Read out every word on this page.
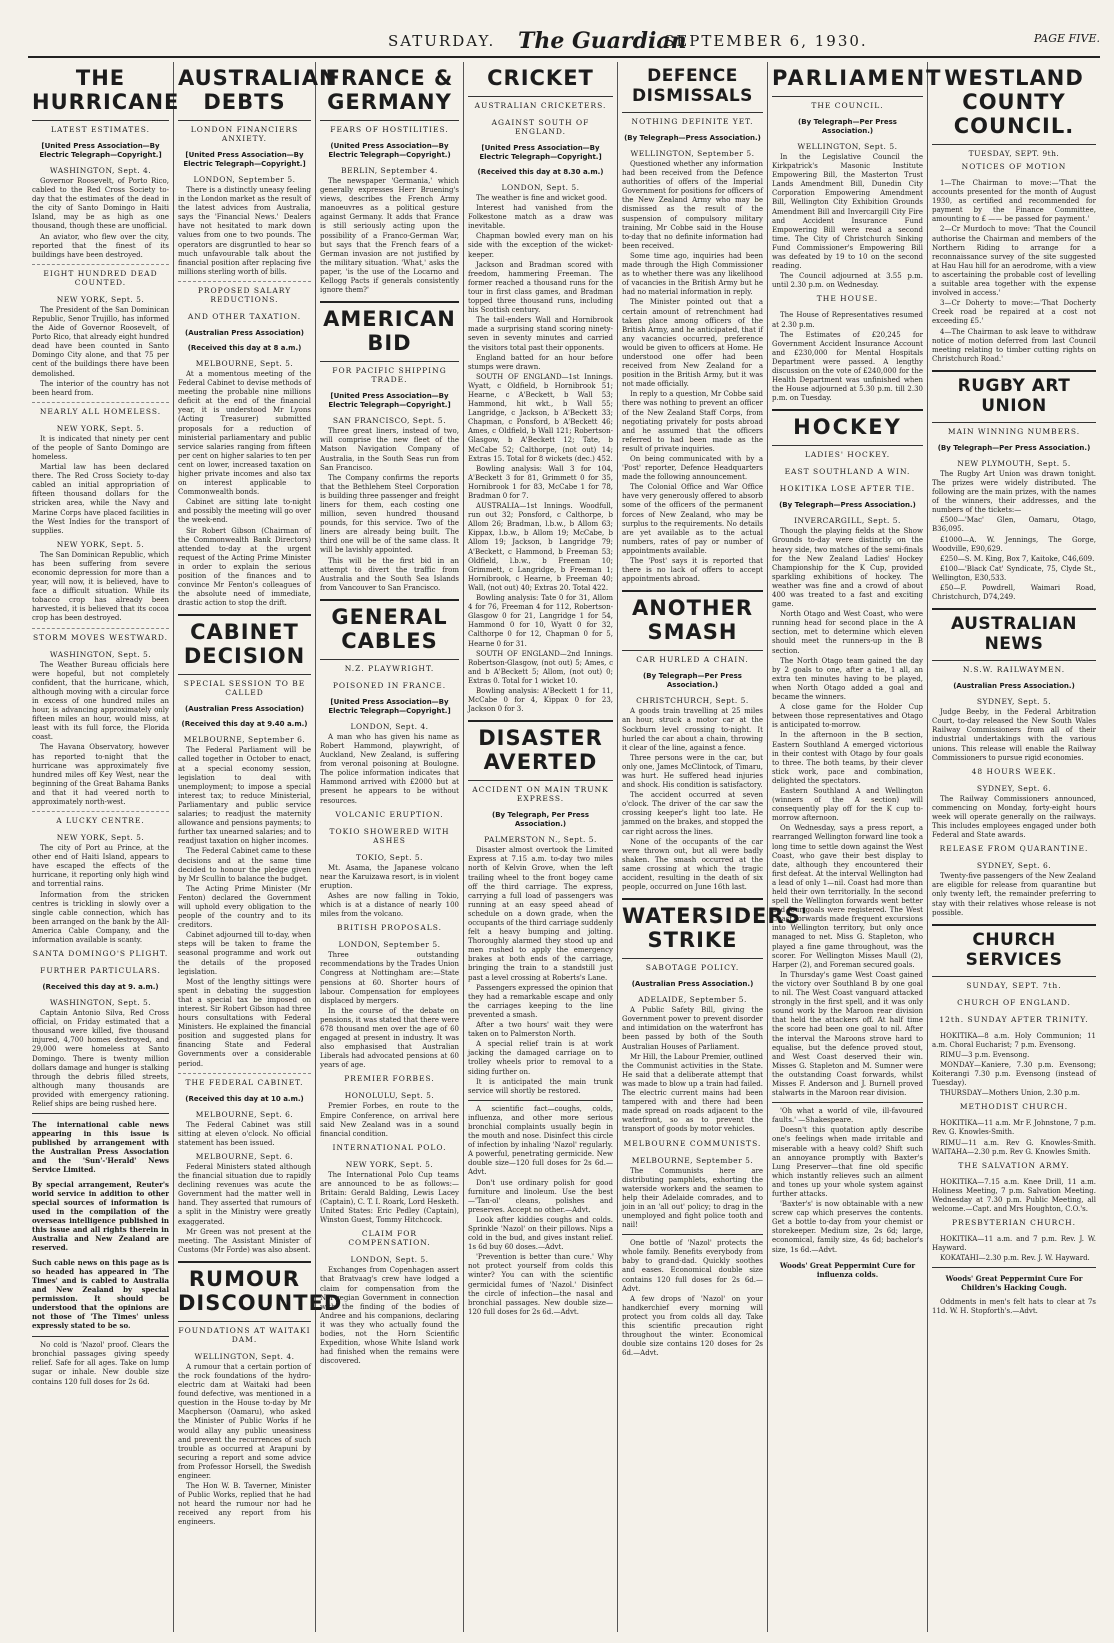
SATURDAY. The Guardian
SEPTEMBER 6, 1930.	PAGE FIVE.
THE HURRICANE
LATEST ESTIMATES.
[United Press Association—By Electric Telegraph—Copyright.]
WASHINGTON, Sept. 4.

Governor Roosevelt, of Porto Rico, cabled to the Red Cross Society to-day that the estimates of the dead in the city of Santo Domingo in Haiti Island, may be as high as one thousand, though these are unofficial.

An aviator, who flew over the city, reported that the finest of its buildings have been destroyed.

EIGHT HUNDRED DEAD COUNTED.
NEW YORK, Sept. 5.

The President of the San Dominican Republic, Senor Trujillo, has informed the Aide of Governor Roosevelt, of Porto Rico, that already eight hundred dead have been counted in Santo Domingo City alone, and that 75 per cent of the buildings there have been demolished.

The interior of the country has not been heard from.

NEARLY ALL HOMELESS.
NEW YORK, Sept. 5.

It is indicated that ninety per cent of the people of Santo Domingo are homeless.

Martial law has been declared there. The Red Cross Society to-day cabled an initial appropriation of fifteen thousand dollars for the stricken area, while the Navy and Marine Corps have placed facilities in the West Indies for the transport of supplies.

NEW YORK, Sept. 5.

The San Dominican Republic, which has been suffering from severe economic depression for more than a year, will now, it is believed, have to face a difficult situation. While its tobacco crop has already been harvested, it is believed that its cocoa crop has been destroyed.

STORM MOVES WESTWARD.
WASHINGTON, Sept. 5.

The Weather Bureau officials here were hopeful, but not completely confident, that the hurricane, which, although moving with a circular force in excess of one hundred miles an hour, is advancing approximately only fifteen miles an hour, would miss, at least with its full force, the Florida coast.

The Havana Observatory, however has reported to-night that the hurricane was approximately five hundred miles off Key West, near the beginning of the Great Bahama Banks and that it had veered north to approximately north-west.

A LUCKY CENTRE.
NEW YORK, Sept. 5.

The city of Port au Prince, at the other end of Haiti Island, appears to have escaped the effects of the hurricane, it reporting only high wind and torrential rains.

Information from the stricken centres is trickling in slowly over a single cable connection, which has been arranged on the bank by the All-America Cable Company, and the information available is scanty.

SANTA DOMINGO'S PLIGHT.
FURTHER PARTICULARS.
(Received this day at 9. a.m.)
WASHINGTON, Sept. 5.

Captain Antonio Silva, Red Cross official, on Friday estimated that a thousand were killed, five thousand injured, 4,700 homes destroyed, and 29,000 were homeless at Santo Domingo. There is twenty million dollars damage and hunger is stalking through the debris filled streets, although many thousands are provided with emergency rationing. Relief ships are being rushed here.

The international cable news appearing in this issue is published by arrangement with the Australian Press Association and the 'Sun'-'Herald' News Service Limited.
By special arrangement, Reuter's world service in addition to other special sources of information is used in the compilation of the overseas intelligence published in this issue and all rights therein in Australia and New Zealand are reserved.
Such cable news on this page as is so headed has appeared in 'The Times' and is cabled to Australia and New Zealand by special permission. It should be understood that the opinions are not those of 'The Times' unless expressly stated to be so.

No cold is 'Nazol' proof. Clears the bronchial passages giving speedy relief. Safe for all ages. Take on lump sugar or inhale. New double size contains 120 full doses for 2s 6d.

AUSTRALIAN DEBTS
LONDON FINANCIERS ANXIETY.
[United Press Association—By Electric Telegraph—Copyright.]
LONDON, September 5.

There is a distinctly uneasy feeling in the London market as the result of the latest advices from Australia, says the 'Financial News.' Dealers have not hesitated to mark down values from one to two pounds. The operators are disgruntled to hear so much unfavourable talk about the financial position after replacing five millions sterling worth of bills.

PROPOSED SALARY REDUCTIONS.
AND OTHER TAXATION.
(Australian Press Association)
(Received this day at 8 a.m.)
MELBOURNE, Sept. 5.

At a momentous meeting of the Federal Cabinet to devise methods of meeting the probable nine millions deficit at the end of the financial year, it is understood Mr Lyons (Acting Treasurer) submitted proposals for a reduction of ministerial parliamentary and public service salaries ranging from fifteen per cent on higher salaries to ten per cent on lower, increased taxation on higher private incomes and also tax on interest applicable to Commonwealth bonds.

Cabinet are sitting late to-night and possibly the meeting will go over the week-end.

Sir Robert Gibson (Chairman of the Commonwealth Bank Directors) attended to-day at the urgent request of the Acting Prime Minister in order to explain the serious position of the finances and to convince Mr Fenton's colleagues of the absolute need of immediate, drastic action to stop the drift.

CABINET DECISION
SPECIAL SESSION TO BE CALLED
(Australian Press Association)
(Received this day at 9.40 a.m.)
MELBOURNE, September 6.

The Federal Parliament will be called together in October to enact, at a special economy session, legislation to deal with unemployment; to impose a special interest tax; to reduce Ministerial, Parliamentary and public service salaries; to readjust the maternity allowance and pensions payments; to further tax unearned salaries; and to readjust taxation on higher incomes.

The Federal Cabinet came to these decisions and at the same time decided to honour the pledge given by Mr Scullin to balance the budget.

The Acting Prime Minister (Mr Fenton) declared the Government will uphold every obligation to the people of the country and to its creditors.

Cabinet adjourned till to-day, when steps will be taken to frame the seasonal programme and work out the details of the proposed legislation.

Most of the lengthy sittings were spent in debating the suggestion that a special tax be imposed on interest. Sir Robert Gibson had three hours consultations with Federal Ministers. He explained the financial position and suggested plans for financing State and Federal Governments over a considerable period.

THE FEDERAL CABINET.
(Received this day at 10 a.m.)
MELBOURNE, Sept. 6.

The Federal Cabinet was still sitting at eleven o'clock. No official statement has been issued.

MELBOURNE, Sept. 6.

Federal Ministers stated although the financial situation due to rapidly declining revenues was acute the Government had the matter well in hand. They asserted that rumours of a split in the Ministry were greatly exaggerated.

Mr Green was not present at the meeting. The Assistant Minister of Customs (Mr Forde) was also absent.

RUMOUR DISCOUNTED
FOUNDATIONS AT WAITAKI DAM.
WELLINGTON, Sept. 4.

A rumour that a certain portion of the rock foundations of the hydro-electric dam at Waitaki had been found defective, was mentioned in a question in the House to-day by Mr Macpherson (Oamaru), who asked the Minister of Public Works if he would allay any public uneasiness and prevent the recurrences of such trouble as occurred at Arapuni by securing a report and some advice from Professor Horsell, the Swedish engineer.

The Hon W. B. Taverner, Minister of Public Works, replied that he had not heard the rumour nor had he received any report from his engineers.

FRANCE & GERMANY
FEARS OF HOSTILITIES.
(United Press Association—By Electric Telegraph—Copyright.)
BERLIN, September 4.

The newspaper 'Germania,' which generally expresses Herr Bruening's views, describes the French Army manoeuvres as a political gesture against Germany. It adds that France is still seriously acting upon the possibility of a Franco-German War, but says that the French fears of a German invasion are not justified by the military situation. 'What,' asks the paper, 'is the use of the Locarno and Kellogg Pacts if generals consistently ignore them?'

AMERICAN BID
FOR PACIFIC SHIPPING TRADE.
[United Press Association—By Electric Telegraph—Copyright.]
SAN FRANCISCO, Sept. 5.

Three great liners, instead of two, will comprise the new fleet of the Matson Navigation Company of Australia, in the South Seas run from San Francisco.

The Company confirms the reports that the Bethlehem Steel Corporation is building three passenger and freight liners for them, each costing one million, seven hundred thousand pounds, for this service. Two of the liners are already being built. The third one will be of the same class. It will be lavishly appointed.

This will be the first bid in an attempt to divert the traffic from Australia and the South Sea Islands from Vancouver to San Francisco.

GENERAL CABLES
N.Z. PLAYWRIGHT.
POISONED IN FRANCE.
[United Press Association—By Electric Telegraph—Copyright.]
LONDON, Sept. 4.

A man who has given his name as Robert Hammond, playwright, of Auckland, New Zealand, is suffering from veronal poisoning at Boulogne. The police information indicates that Hammond arrived with £2000 but at present he appears to be without resources.

VOLCANIC ERUPTION.
TOKIO SHOWERED WITH ASHES
TOKIO, Sept. 5.

Mt. Asama, the Japanese volcano near the Karuizawa resort, is in violent eruption.

Ashes are now falling in Tokio, which is at a distance of nearly 100 miles from the volcano.

BRITISH PROPOSALS.
LONDON, September 5.

Three outstanding recommendations by the Trades Union Congress at Nottingham are:—State pensions at 60. Shorter hours of labour. Compensation for employees displaced by mergers.

In the course of the debate on pensions, it was stated that there were 678 thousand men over the age of 60 engaged at present in industry. It was also emphasised that Australian Liberals had advocated pensions at 60 years of age.

PREMIER FORBES.
HONOLULU, Sept. 5.

Premier Forbes, en route to the Empire Conference, on arrival here said New Zealand was in a sound financial condition.

INTERNATIONAL POLO.
NEW YORK, Sept. 5.

The International Polo Cup teams are announced to be as follows:—Britain: Gerald Balding, Lewis Lacey (Captain), C. T. I. Roark, Lord Hesketh. United States: Eric Pedley (Captain), Winston Guest, Tommy Hitchcock.

CLAIM FOR COMPENSATION.
LONDON, Sept. 5.

Exchanges from Copenhagen assert that Bratvaag's crew have lodged a claim for compensation from the Norwegian Government in connection with the finding of the bodies of Andree and his companions, declaring it was they who actually found the bodies, not the Horn Scientific Expedition, whose White Island work had finished when the remains were discovered.

CRICKET
AUSTRALIAN CRICKETERS.
AGAINST SOUTH OF ENGLAND.
[United Press Association—By Electric Telegraph—Copyright.]
(Received this day at 8.30 a.m.)
LONDON, Sept. 5.

The weather is fine and wicket good.

Interest had vanished from the Folkestone match as a draw was inevitable.

Chapman bowled every man on his side with the exception of the wicket-keeper.

Jackson and Bradman scored with freedom, hammering Freeman. The former reached a thousand runs for the tour in first class games, and Bradman topped three thousand runs, including his Scottish century.

The tail-enders Wall and Hornibrook made a surprising stand scoring ninety-seven in seventy minutes and carried the visitors total past their opponents.

England batted for an hour before stumps were drawn.

SOUTH OF ENGLAND—1st Innings. Wyatt, c Oldfield, b Hornibrook 51; Hearne, c A'Beckett, b Wall 53; Hammond, hit wkt., b Wall 55; Langridge, c Jackson, b A'Beckett 33; Chapman, c Ponsford, b A'Beckett 46; Ames, c Oldfield, b Wall 121; Robertson-Glasgow, b A'Beckett 12; Tate, b McCabe 52; Calthorpe, (not out) 14; Extras 15. Total for 8 wickets (dec.) 452.

Bowling analysis: Wall 3 for 104, A'Beckett 3 for 81, Grimmett 0 for 35, Hornibrook 1 for 83, McCabe 1 for 78, Bradman 0 for 7.

AUSTRALIA—1st Innings. Woodfull, run out 32; Ponsford, c Calthorpe, b Allom 26; Bradman, l.b.w., b Allom 63; Kippax, l.b.w., b Allom 19; McCabe, b Allom 19; Jackson, b Langridge 79; A'Beckett, c Hammond, b Freeman 53; Oldfield, l.b.w., b Freeman 10; Grimmett, c Langridge, b Freeman 1; Hornibrook, c Hearne, b Freeman 40; Wall, (not out) 40; Extras 20. Total 422.

Bowling analysis: Tate 0 for 31, Allom 4 for 76, Freeman 4 for 112, Robertson-Glasgow 0 for 21, Langridge 1 for 54, Hammond 0 for 10, Wyatt 0 for 32, Calthorpe 0 for 12, Chapman 0 for 5, Hearne 0 for 31.

SOUTH OF ENGLAND—2nd Innings. Robertson-Glasgow, (not out) 5; Ames, c and b A'Beckett 5; Allom, (not out) 0; Extras 0. Total for 1 wicket 10.

Bowling analysis: A'Beckett 1 for 11, McCabe 0 for 4, Kippax 0 for 23, Jackson 0 for 3.

DISASTER AVERTED
ACCIDENT ON MAIN TRUNK EXPRESS.
(By Telegraph, Per Press Association.)
PALMERSTON N., Sept. 5.

Disaster almost overtook the Limited Express at 7.15 a.m. to-day two miles north of Kelvin Grove, when the left trailing wheel to the front bogey came off the third carriage. The express, carrying a full load of passengers was running at an easy speed ahead of schedule on a down grade, when the occupants of the third carriage suddenly felt a heavy bumping and jolting. Thoroughly alarmed they stood up and men rushed to apply the emergency brakes at both ends of the carriage, bringing the train to a standstill just past a level crossing at Roberts's Lane.

Passengers expressed the opinion that they had a remarkable escape and only the carriages keeping to the line prevented a smash.

After a two hours' wait they were taken on to Palmerston North.

A special relief train is at work jacking the damaged carriage on to trolley wheels prior to removal to a siding further on.

It is anticipated the main trunk service will shortly be restored.

A scientific fact—coughs, colds, influenza, and other more serious bronchial complaints usually begin in the mouth and nose. Disinfect this circle of infection by inhaling 'Nazol' regularly. A powerful, penetrating germicide. New double size—120 full doses for 2s 6d.—Advt.

Don't use ordinary polish for good furniture and linoleum. Use the best—'Tan-ol' cleans, polishes and preserves. Accept no other.—Advt.

Look after kiddies coughs and colds. Sprinkle 'Nazol' on their pillows. Nips a cold in the bud, and gives instant relief. 1s 6d buy 60 doses.—Advt.

'Prevention is better than cure.' Why not protect yourself from colds this winter? You can with the scientific germicidal fumes of 'Nazol.' Disinfect the circle of infection—the nasal and bronchial passages. New double size—120 full doses for 2s 6d.—Advt.

DEFENCE DISMISSALS
NOTHING DEFINITE YET.
(By Telegraph—Press Association.)
WELLINGTON, September 5.

Questioned whether any information had been received from the Defence authorities of offers of the Imperial Government for positions for officers of the New Zealand Army who may be dismissed as the result of the suspension of compulsory military training, Mr Cobbe said in the House to-day that no definite information had been received.

Some time ago, inquiries had been made through the High Commissioner as to whether there was any likelihood of vacancies in the British Army but he had no material information in reply.

The Minister pointed out that a certain amount of retrenchment had taken place among officers of the British Army, and he anticipated, that if any vacancies occurred, preference would be given to officers at Home. He understood one offer had been received from New Zealand for a position in the British Army, but it was not made officially.

In reply to a question, Mr Cobbe said there was nothing to prevent an officer of the New Zealand Staff Corps, from negotiating privately for posts abroad and he assumed that the officers referred to had been made as the result of private inquiries.

On being communicated with by a 'Post' reporter, Defence Headquarters made the following announcement.

The Colonial Office and War Office have very generously offered to absorb some of the officers of the permanent forces of New Zealand, who may be surplus to the requirements. No details are yet available as to the actual numbers, rates of pay or number of appointments available.

The 'Post' says it is reported that there is no lack of offers to accept appointments abroad.

ANOTHER SMASH
CAR HURLED A CHAIN.
(By Telegraph—Per Press Association.)
CHRISTCHURCH, Sept. 5.

A goods train travelling at 25 miles an hour, struck a motor car at the Sockburn level crossing to-night. It hurled the car about a chain, throwing it clear of the line, against a fence.

Three persons were in the car, but only one, James McClintock, of Timaru, was hurt. He suffered head injuries and shock. His condition is satisfactory.

The accident occurred at seven o'clock. The driver of the car saw the crossing keeper's light too late. He jammed on the brakes, and stopped the car right across the lines.

None of the occupants of the car were thrown out, but all were badly shaken. The smash occurred at the same crossing at which the tragic accident, resulting in the death of six people, occurred on June 16th last.

WATERSIDERS' STRIKE
SABOTAGE POLICY.
(Australian Press Association.)
ADELAIDE, September 5.

A Public Safety Bill, giving the Government power to prevent disorder and intimidation on the waterfront has been passed by both of the South Australian Houses of Parliament.

Mr Hill, the Labour Premier, outlined the Communist activities in the State. He said that a deliberate attempt that was made to blow up a train had failed. The electric current mains had been tampered with and there had been made spread on roads adjacent to the waterfront, so as to prevent the transport of goods by motor vehicles.

MELBOURNE COMMUNISTS.
MELBOURNE, September 5.

The Communists here are distributing pamphlets, exhorting the waterside workers and the seamen to help their Adelaide comrades, and to join in an 'all out' policy; to drag in the unemployed and fight police tooth and nail!

One bottle of 'Nazol' protects the whole family. Benefits everybody from baby to grand-dad. Quickly soothes and eases. Economical double size contains 120 full doses for 2s 6d.—Advt.

A few drops of 'Nazol' on your handkerchief every morning will protect you from colds all day. Take this scientific precaution right throughout the winter. Economical double size contains 120 doses for 2s 6d.—Advt.

PARLIAMENT
THE COUNCIL.
(By Telegraph—Per Press Association.)
WELLINGTON, Sept. 5.

In the Legislative Council the Kirkpatrick's Masonic Institute Empowering Bill, the Masterton Trust Lands Amendment Bill, Dunedin City Corporation Empowering Amendment Bill, Wellington City Exhibition Grounds Amendment Bill and Invercargill City Fire and Accident Insurance Fund Empowering Bill were read a second time. The City of Christchurch Sinking Fund Commissioner's Empowering Bill was defeated by 19 to 10 on the second reading.

The Council adjourned at 3.55 p.m. until 2.30 p.m. on Wednesday.

THE HOUSE.

The House of Representatives resumed at 2.30 p.m.

The Estimates of £20,245 for Government Accident Insurance Account and £230,000 for Mental Hospitals Department were passed. A lengthy discussion on the vote of £240,000 for the Health Department was unfinished when the House adjourned at 5.30 p.m. till 2.30 p.m. on Tuesday.

HOCKEY
LADIES' HOCKEY.
EAST SOUTHLAND A WIN.
HOKITIKA LOSE AFTER TIE.
(By Telegraph—Press Association.)
INVERCARGILL, Sept. 5.

Though the playing fields at the Show Grounds to-day were distinctly on the heavy side, two matches of the semi-finals for the New Zealand Ladies' Hockey Championship for the K Cup, provided sparkling exhibitions of hockey. The weather was fine and a crowd of about 400 was treated to a fast and exciting game.

North Otago and West Coast, who were running head for second place in the A section, met to determine which eleven should meet the runners-up in the B section.

The North Otago team gained the day by 2 goals to one, after a tie, 1 all, an extra ten minutes having to be played, when North Otago added a goal and became the winners.

A close game for the Holder Cup between those representatives and Otago is anticipated to-morrow.

In the afternoon in the B section, Eastern Southland A emerged victorious in their contest with Otago by four goals to three. The both teams, by their clever stick work, pace and combination, delighted the spectators.

Eastern Southland A and Wellington (winners of the A section) will consequently play off for the K cup to-morrow afternoon.

On Wednesday, says a press report, a rearranged Wellington forward line took a long time to settle down against the West Coast, who gave their best display to date, although they encountered their first defeat. At the interval Wellington had a lead of only 1—nil. Coast had more than held their own territorially. In the second spell the Wellington forwards went better and four goals were registered. The West Coast forwards made frequent excursions into Wellington territory, but only once managed to net. Miss G. Stapleton, who played a fine game throughout, was the scorer. For Wellington Misses Maull (2), Harper (2), and Foreman secured goals.

In Thursday's game West Coast gained the victory over Southland B by one goal to nil. The West Coast vanguard attacked strongly in the first spell, and it was only sound work by the Maroon rear division that held the attackers off. At half time the score had been one goal to nil. After the interval the Maroons strove hard to equalise, but the defence proved stout, and West Coast deserved their win. Misses G. Stapleton and M. Sumner were the outstanding Coast forwards, whilst Misses F. Anderson and J. Burnell proved stalwarts in the Maroon rear division.

'Oh what a world of vile, ill-favoured faults.' —Shakespeare.

Doesn't this quotation aptly describe one's feelings when made irritable and miserable with a heavy cold? Shift such an annoyance promptly with Baxter's Lung Preserver—that fine old specific which instantly relieves such an ailment and tones up your whole system against further attacks.

'Baxter's' is now obtainable with a new screw cap which preserves the contents. Get a bottle to-day from your chemist or storekeeper. Medium size, 2s 6d; large, economical, family size, 4s 6d; bachelor's size, 1s 6d.—Advt.

Woods' Great Peppermint Cure for influenza colds.
WESTLAND COUNTY COUNCIL.
TUESDAY, SEPT. 9th.
NOTICES OF MOTION

1—The Chairman to move:—'That the accounts presented for the month of August 1930, as certified and recommended for payment by the Finance Committee, amounting to £ —— be passed for payment.'

2—Cr Murdoch to move: 'That the Council authorise the Chairman and members of the Northern Riding to arrange for a reconnaissance survey of the site suggested at Hau Hau hill for an aerodrome, with a view to ascertaining the probable cost of levelling a suitable area together with the expense involved in access.'

3—Cr Doherty to move:—'That Docherty Creek road be repaired at a cost not exceeding £5.'

4—The Chairman to ask leave to withdraw notice of motion deferred from last Council meeting relating to timber cutting rights on Christchurch Road.'

RUGBY ART UNION
MAIN WINNING NUMBERS.
(By Telegraph—Per Press Association.)
NEW PLYMOUTH, Sept. 5.

The Rugby Art Union was drawn tonight. The prizes were widely distributed. The following are the main prizes, with the names of the winners, their addresses, and the numbers of the tickets:—

£500—'Mac' Glen, Oamaru, Otago, B36,095.

£1000—A. W. Jennings, The Gorge, Woodville, E90,629.

£250—S. M. King, Box 7, Kaitoke, C46,609.

£100—'Black Cat' Syndicate, 75, Clyde St., Wellington, E30,533.

£50—F. Powdrell, Waimari Road, Christchurch, D74,249.

AUSTRALIAN NEWS
N.S.W. RAILWAYMEN.
(Australian Press Association.)
SYDNEY, Sept. 5.

Judge Beeby, in the Federal Arbitration Court, to-day released the New South Wales Railway Commissioners from all of their industrial undertakings with the various unions. This release will enable the Railway Commissioners to pursue rigid economies.

48 HOURS WEEK.
SYDNEY, Sept. 6.

The Railway Commissioners announced, commencing on Monday, forty-eight hours week will operate generally on the railways. This includes employees engaged under both Federal and State awards.

RELEASE FROM QUARANTINE.
SYDNEY, Sept. 6.

Twenty-five passengers of the New Zealand are eligible for release from quarantine but only twenty left, the remainder preferring to stay with their relatives whose release is not possible.

CHURCH SERVICES
SUNDAY, SEPT. 7th.
CHURCH OF ENGLAND.
12th. SUNDAY AFTER TRINITY.

HOKITIKA—8 a.m. Holy Communion; 11 a.m. Choral Eucharist; 7 p.m. Evensong.

RIMU—3 p.m. Evensong.

MONDAY—Kaniere, 7.30 p.m. Evensong; Koiterangi 7.30 p.m. Evensong (instead of Tuesday).

THURSDAY—Mothers Union, 2.30 p.m.

METHODIST CHURCH.

HOKITIKA—11 a.m. Mr F. Johnstone, 7 p.m. Rev. G. Knowles-Smith.

RIMU—11 a.m. Rev G. Knowles-Smith. WAITAHA—2.30 p.m. Rev G. Knowles Smith.

THE SALVATION ARMY.

HOKITIKA—7.15 a.m. Knee Drill, 11 a.m. Holiness Meeting, 7 p.m. Salvation Meeting. Wednesday at 7.30 p.m. Public Meeting, all welcome.—Capt. and Mrs Houghton, C.O.'s.

PRESBYTERIAN CHURCH.

HOKITIKA—11 a.m. and 7 p.m. Rev. J. W. Hayward.

KOKATAHI—2.30 p.m. Rev. J. W. Hayward.

Woods' Great Peppermint Cure For Children's Hacking Cough.

Oddments in men's felt hats to clear at 7s 11d. W. H. Stopforth's.—Advt.
